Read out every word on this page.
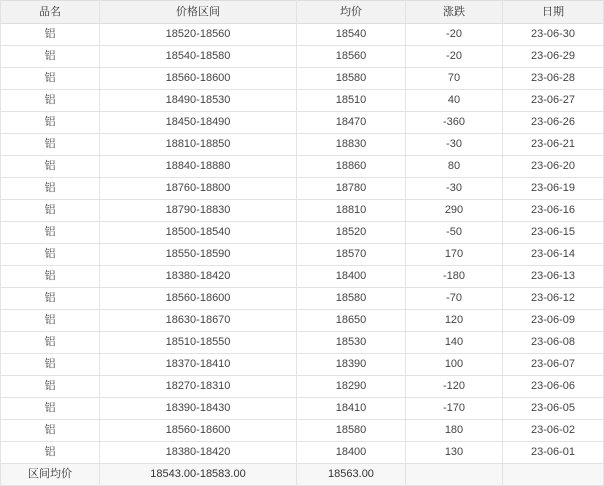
品名	价格区间	均价	涨跌	日期
铝	18520-18560	18540	-20	23-06-30
铝	18540-18580	18560	-20	23-06-29
铝	18560-18600	18580	70	23-06-28
铝	18490-18530	18510	40	23-06-27
铝	18450-18490	18470	-360	23-06-26
铝	18810-18850	18830	-30	23-06-21
铝	18840-18880	18860	80	23-06-20
铝	18760-18800	18780	-30	23-06-19
铝	18790-18830	18810	290	23-06-16
铝	18500-18540	18520	-50	23-06-15
铝	18550-18590	18570	170	23-06-14
铝	18380-18420	18400	-180	23-06-13
铝	18560-18600	18580	-70	23-06-12
铝	18630-18670	18650	120	23-06-09
铝	18510-18550	18530	140	23-06-08
铝	18370-18410	18390	100	23-06-07
铝	18270-18310	18290	-120	23-06-06
铝	18390-18430	18410	-170	23-06-05
铝	18560-18600	18580	180	23-06-02
铝	18380-18420	18400	130	23-06-01
区间均价	18543.00-18583.00	18563.00		
